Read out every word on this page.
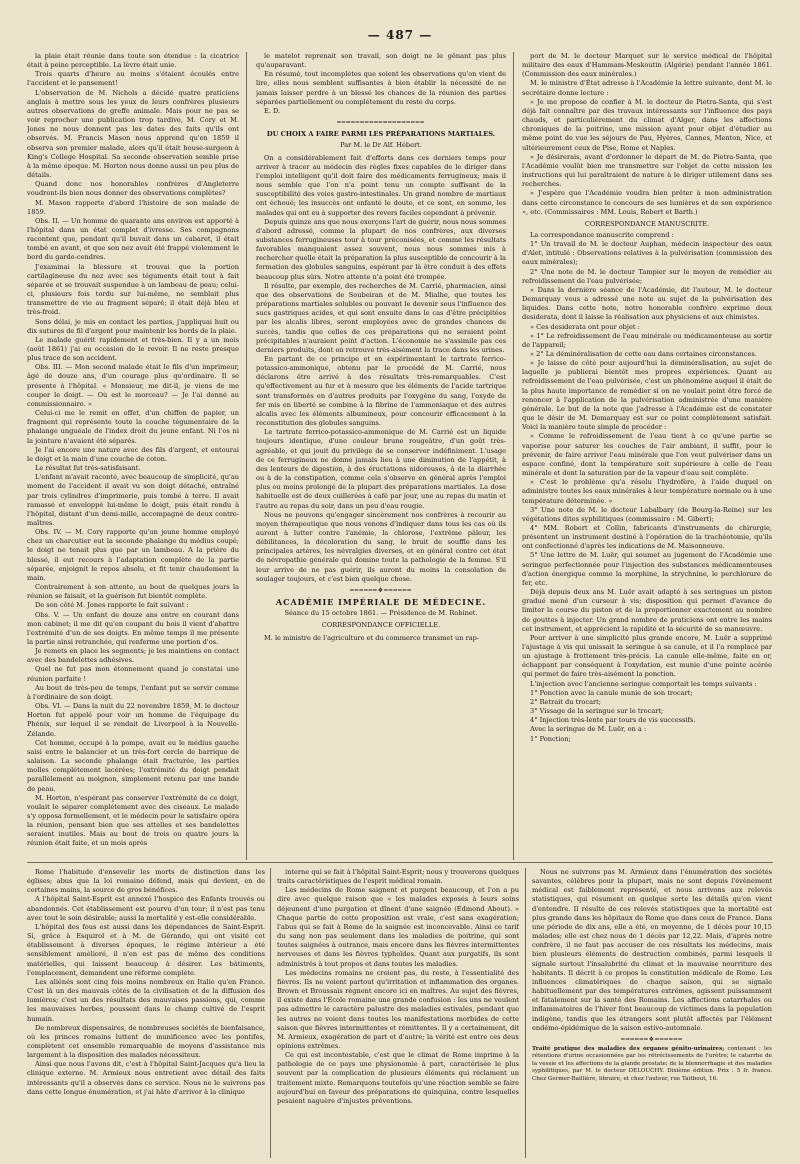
— 487 —

la plaie était réunie dans toute son étendue : la cicatrice était à peine perceptible. La lèvre était unie.

Trois quarts d'heure au moins s'étaient écoulés entre l'accident et le pansement!

L'observation de M. Nichols a décidé quatre praticiens anglais à mettre sous les yeux de leurs confrères plusieurs autres observations de greffe animale. Mais pour ne pas se voir reprocher une publication trop tardive, M. Cory et M. Jones ne nous donnent pas les dates des faits qu'ils ont observés. M. Francis Mason nous apprend qu'en 1859 il observa son premier malade, alors qu'il était house-surgeon à King's College Hospital. Sa seconde observation semble prise à la même époque. M. Horton nous donne aussi un peu plus de détails.

Quand donc nos honorables confrères d'Angleterre voudront-ils bien nous donner des observations complètes?

M. Mason rapporte d'abord l'histoire de son malade de 1859.

Obs. II. — Un homme de quarante ans environ est apporté à l'hôpital dans un état complet d'ivresse. Ses compagnons racontent que, pendant qu'il buvait dans un cabaret, il était tombé en avant, et que son nez avait été frappé violemment le bord du garde-cendres.

J'examinai la blessure et trouvai que la portion cartilagineuse du nez avec ses téguments était tout à fait séparée et se trouvait suspendue à un lambeau de peau; celui-ci, plusieurs fois tordu sur lui-même, ne semblait plus transmettre de vie au fragment séparé; il était déjà bleu et très-froid.

Sons délai, je mis en contact les parties, j'appliquai huit ou dix sutures de fil d'argent pour maintenir les bords de la plaie.

Le malade guérit rapidement et très-bien. Il y a un mois (août 1861) j'ai eu occasion de le revoir. Il ne reste presque plus trace de son accident.

Obs. III. — Mon second malade était le fils d'un imprimeur, âgé de douze ans, d'un courage plus qu'ordinaire. Il se présente à l'hôpital. « Monsieur, me dit-il, je viens de me couper le doigt. — Où est le morceau? — Je l'ai donné au commissionnaire. »

Celui-ci me le remit en effet, d'un chiffon de papier, un fragment qui représente toute la couche tégumentaire de la phalange unguéale de l'index droit du jeune enfant. Ni l'os ni la jointure n'avaient été séparés.

Je l'ai encore une nature avec des fils d'argent, et entourai le doigt et la main d'une couche de coton.

Le résultat fut très-satisfaisant.

L'enfant m'avait raconté, avec beaucoup de simplicité, qu'au moment de l'accident il avait vu son doigt détaché, entraîné par trois cylindres d'imprimerie, puis tombé à terre. Il avait ramassé et enveloppé lui-même le doigt, puis était rendu à l'hôpital, distant d'un demi-mille, accompagné de deux contre-maîtres.

Obs. IV. — M. Cory rapporte qu'un jeune homme employé chez un charcutier eut la seconde phalange du médius coupé; le doigt ne tenait plus que par un lambeau. A la prière du blessé, il eut recours à l'adaptation complète de la partie séparée, enjoignit le repos absolu, et fit tenir chaudement la main.

Contrairement à son attente, au bout de quelques jours la réunion se faisait, et la guérison fut bientôt complète.

De son côté M. Jones rapporte le fait suivant :

Obs. V. — Un enfant de douze ans entre en courant dans mon cabinet; il me dit qu'en coupant du bois il vient d'abattre l'extrémité d'un de ses doigts. En même temps il me présente la partie ainsi retranchée, qui renferme une portion d'os.

Je remets en place les segments; je les maintiens en contact avec des bandelettes adhésives.

Quel ne fut pas mon étonnement quand je constatai une réunion parfaite !

Au bout de très-peu de temps, l'enfant put se servir comme à l'ordinaire de son doigt.

Obs. VI. — Dans la nuit du 22 novembre 1859, M. le docteur Horton fut appelé pour voir un homme de l'équipage du Phénix, sur lequel il se rendait de Liverpool à la Nouvelle-Zélande.

Cet homme, occupé à la pompe, avait eu le médius gauche saisi entre le balancier et un très-fort cercle de barrique de salaison. La seconde phalange était fracturée, les parties molles complétement lacérées; l'extrémité du doigt pendait parallèlement au moignon, simplement retenu par une bande de peau.

M. Horton, n'espérant pas conserver l'extrémité de ce doigt, voulait le séparer complétement avec des ciseaux. Le malade s'y opposa formellement, et le médecin pour le satisfaire opéra la réunion, pensant bien que ses attelles et ses bandelettes seraient inutiles. Mais au bout de trois ou quatre jours la réunion était faite, et un mois après

le matelot reprenait son travail, son doigt ne le gênant pas plus qu'auparavant.

En résumé, tout incomplètes que soient les observations qu'on vient de lire, elles nous semblent suffisantes à bien établir la nécessité de ne jamais laisser perdre à un blessé les chances de la réunion des parties séparées partiellement ou complétement du reste du corps.

E. D.

═══════════════════

DU CHOIX A FAIRE PARMI LES PRÉPARATIONS MARTIALES.

Par M. le Dr Alf. Hébert.

On a considérablement fait d'efforts dans ces derniers temps pour arriver à tracer au médecin des règles fixes capables de le diriger dans l'emploi intelligent qu'il doit faire des médicaments ferrugineux; mais il nous semble que l'on n'a point tenu un compte suffisant de la susceptibilité des voies gastro-intestinales. Un grand nombre de martiaux ont échoué; les insuccès ont enfanté le doute, et ce sont, en somme, les malades qui ont eu à supporter des revers faciles cependant à prévenir.

Depuis quinze ans que nous exerçons l'art de guérir, nous nous sommes d'abord adressé, comme la plupart de nos confrères, aux diverses substances ferrugineuses tour à tour préconisées, et comme les résultats favorables manquaient assez souvent, nous nous sommes mis à rechercher quelle était la préparation la plus susceptible de concourir à la formation des globules sanguins, espérant par là être conduit à des effets beaucoup plus sûrs. Notre attente n'a point été trompée.

Il résulte, par exemple, des recherches de M. Carrié, pharmacien, ainsi que des observations de Soubeiran et de M. Mialhe, que toutes les préparations martiales solubles ou pouvant le devenir sous l'influence des sucs gastriques acides, et qui sont ensuite dans le cas d'être précipitées par les alcalis libres, seront employées avec de grandes chances de succès, tandis que celles de ces préparations qui ne seraient point précipitables n'auraient point d'action. L'économie ne s'assimile pas ces derniers produits, dont on retrouve très-aisément la trace dans les urines.

En partant de ce principe et en expérimentant le tartrate ferrico-potassico-ammonique, obtenu par le procédé de M. Carrié, nous déclarons être arrivé à des résultats très-remarquables. C'est qu'effectivement au fur et à mesure que les éléments de l'acide tartrique sont transformés en d'autres produits par l'oxygène du sang, l'oxyde de fer mis en liberté se combine à la fibrine de l'ammoniaque et des autres alcalis avec les éléments albumineux, pour concourir efficacement à la reconstitution des globules sanguins.

Le tartrate ferrico-potassico-ammonique de M. Carrié est un liquide toujours identique, d'une couleur brune rougeâtre, d'un goût très-agréable, et qui jouit du privilège de se conserver indéfiniment. L'usage de ce ferrugineux ne donne jamais lieu à une diminution de l'appétit, à des lenteurs de digestion, à des éructations nidoreuses, à de la diarrhée ou à de la constipation, comme cela s'observe en général après l'emploi plus ou moins prolongé de la plupart des préparations martiales. La dose habituelle est de deux cuillerées à café par jour, une au repas du matin et l'autre au repas du soir, dans un peu d'eau rougie.

Nous ne pouvons qu'engager sincèrement nos confrères à recourir au moyen thérapeutique que nous venons d'indiquer dans tous les cas où ils auront à lutter contre l'anémie, la chlorose, l'extrême pâleur, les débilitances, la décoloration du sang, le bruit de souffle dans les principales artères, les névralgies diverses, et en général contre cet état de névropathie générale qui domine toute la pathologie de la femme. S'il leur arrive de ne pas guérir, ils auront du moins la consolation de soulager toujours, et c'est bien quelque chose.

══════❖══════

ACADÉMIE IMPÉRIALE DE MÉDECINE.

Séance du 15 octobre 1861. — Présidence de M. Robinet.

CORRESPONDANCE OFFICIELLE.

M. le ministre de l'agriculture et du commerce transmet un rap-

port de M. le docteur Marquet sur le service médical de l'hôpital militaire des eaux d'Hammam-Meskoutin (Algérie) pendant l'année 1861. (Commission des eaux minérales.)

M. le ministre d'État adresse à l'Académie la lettre suivante, dont M. le secrétaire donne lecture :

« Je me propose de confier à M. le docteur de Pietra-Santa, qui s'est déjà fait connaître par des travaux intéressants sur l'influence des pays chauds, et particulièrement du climat d'Alger, dans les affections chroniques de la poitrine, une mission ayant pour objet d'étudier au même point de vue les séjours de Pau, Hyères, Cannes, Menton, Nice, et ultérieurement ceux de Pise, Rome et Naples.

» Je désirerais, avant d'ordonner le départ de M. de Pietra-Santa, que l'Académie voulût bien me transmettre sur l'objet de cette mission les instructions qui lui paraîtraient de nature à le diriger utilement dans ses recherches.

» J'espère que l'Académie voudra bien prêter à mon administration dans cette circonstance le concours de ses lumières et de son expérience », etc. (Commissaires : MM. Louis, Robert et Barth.)

CORRESPONDANCE MANUSCRITE.

La correspondance manuscrite comprend :

1° Un travail de M. le docteur Auphan, médecin inspecteur des eaux d'Alet, intitulé : Observations relatives à la pulvérisation (commission des eaux minérales);

2° Une note de M. le docteur Tampier sur le moyen de remédier au refroidissement de l'eau pulvérisée;

» Dans la dernière séance de l'Académie, dit l'auteur, M. le docteur Demarquay vous a adressé une note au sujet de la pulvérisation des liquides. Dans cette note, notre honorable confrère exprime deux desiderata, dont il laisse la réalisation aux physiciens et aux chimistes.

» Ces desiderata ont pour objet :

» 1° Le refroidissement de l'eau minérale ou médicamenteuse au sortir de l'appareil;

» 2° La déminéralisation de cette eau dans certaines circonstances.

» Je laisse de côté pour aujourd'hui la déminéralisation, au sujet de laquelle je publierai bientôt mes propres expériences. Quant au refroidissement de l'eau pulvérisée, c'est un phénomène auquel il était de la plus haute importance de remédier si on ne voulait point être forcé de renoncer à l'application de la pulvérisation administrée d'une manière générale. Le but de la note que j'adresse à l'Académie est de constater que le désir de M. Demarquay est sur ce point complètement satisfait. Voici la manière toute simple de procéder :

» Comme le refroidissement de l'eau tient à ce qu'une partie se vaporise pour saturer les couches de l'air ambiant, il suffit, pour le prévenir, de faire arriver l'eau minérale que l'on veut pulvériser dans un espace confiné, dont la température soit supérieure à celle de l'eau minérale et dont la saturation par de la vapeur d'eau soit complète.

» C'est le problème qu'a résolu l'hydrofère, à l'aide duquel on administre toutes les eaux minérales à leur température normale ou à une température déterminée. »

3° Une note de M. le docteur Labalbary (de Bourg-la-Reine) sur les végétations dites syphilitiques (commissaire : M. Gibert);

4° MM. Robert et Collin, fabricants d'instruments de chirurgie, présentent un instrument destiné à l'opération de la trachéotomie, qu'ils ont confectionné d'après les indications de M. Maisonneuve.

5° Une lettre de M. Luër, qui soumet au jugement de l'Académie une seringue perfectionnée pour l'injection des substances médicamenteuses d'action énergique comme la morphine, la strychnine, le perchlorure de fer, etc.

Déjà depuis deux ans M. Luër avait adapté à ses seringues un piston gradué mené d'un curseur à vis; disposition qui permet d'avance de limiter la course du piston et de la proportionner exactement au nombre de gouttes à injecter. Un grand nombre de praticiens ont entre les mains cet instrument, et apprécient la rapidité et la sécurité de sa manœuvre.

Pour arriver à une simplicité plus grande encore, M. Luër a supprimé l'ajustage à vis qui unissait la seringue à sa canule, et il l'a remplacé par un ajustage à frottement très-précis. La canule elle-même, faite en or, échappant par conséquent à l'oxydation, est munie d'une pointe acérée qui permet de faire très-aisément la ponction.

L'injection avec l'ancienne seringue comportait les temps suivants :

1° Ponction avec la canule munie de son trocart;

2° Retrait du trocart;

3° Vissage de la seringue sur le trocart;

4° Injection très-lente par tours de vis successifs.

Avec la seringue de M. Luër, on a :

1° Ponction;

Rome l'habitude d'ensevelir les morts de distinction dans les églises; abus que la loi romaine défend, mais qui devient, en de certaines mains, la source de gros bénéfices.

A l'hôpital Saint-Esprit est annexé l'hospice des Enfants trouvés ou abandonnés. Cet établissement est pourvu d'un tour; il n'est pas tenu avec tout le soin désirable; aussi la mortalité y est-elle considérable.

L'hôpital des fous est aussi dans les dépendances de Saint-Esprit. Si, grâce à Esquirol et à M. de Gérando, qui ont visité cet établissement à diverses époques, le régime intérieur a été sensiblement amélioré, il n'en est pas de même des conditions matérielles, qui laissent beaucoup à désirer. Les bâtiments, l'emplacement, demandent une réforme complète.

Les aliénés sont cinq fois moins nombreux en Italie qu'en France. C'est là un des mauvais côtés de la civilisation et de la diffusion des lumières; c'est un des résultats des mauvaises passions, qui, comme les mauvaises herbes, poussent dans le champ cultivé de l'esprit humain.

De nombreux dispensaires, de nombreuses sociétés de bienfaisance, où les princes romains luttent de munificence avec les pontifes, complètent cet ensemble remarquable de moyens d'assistance mis largement à la disposition des malades nécessiteux.

Ainsi que nous l'avons dit, c'est à l'hôpital Saint-Jacques qu'a lieu la clinique externe. M. Armieux nous entretient avec détail des faits intéressants qu'il a observés dans ce service. Nous ne le suivrons pas dans cette longue énumération, et j'ai hâte d'arriver à la clinique

interne qui se fait à l'hôpital Saint-Esprit; nous y trouverons quelques traits caractéristiques de l'esprit médical romain.

Les médecins de Rome saignent et purgent beaucoup, et l'on a pu dire avec quelque raison que « les malades exposés à leurs soins déjeunent d'une purgation et dînent d'une saignée (Edmond About). » Chaque partie de cette proposition est vraie, c'est sans exagération; l'abus qui se fait à Rome de la saignée est inconcevable. Ainsi ce tarif du sang non pas seulement dans les maladies de poitrine, qui sont toutes saignées à outrance, mais encore dans les fièvres intermittentes nerveuses et dans les fièvres typhoïdes. Quant aux purgatifs, ils sont administrés à tout propos et dans toutes les maladies.

Les médecins romains ne croient pas, du reste, à l'essentialité des fièvres. Ils ne voient partout qu'irritation et inflammation des organes. Brown et Broussais règnent encore ici en maîtres. Au sujet des fièvres, il existe dans l'École romaine une grande confusion : les uns ne veulent pas admettre le caractère palustre des maladies estivales, pendant que les autres ne voient dans toutes les manifestations morbides de cette saison que fièvres intermittentes et rémittentes. Il y a certainement, dit M. Armieux, exagération de part et d'autre; la vérité est entre ces deux opinions extrêmes.

Ce qui est incontestable, c'est que le climat de Rome imprime à la pathologie de ce pays une physionomie à part, caractérisée le plus souvent par la complication de plusieurs éléments qui réclament un traitement mixte. Remarquons toutefois qu'une réaction semble se faire aujourd'hui en faveur des préparations de quinquina, contre lesquelles pesaient naguère d'injustes préventions.

Nous ne suivrons pas M. Armieux dans l'énumération des sociétés savantes, célèbres pour la plupart, mais ne sont depuis l'évènement médical est faiblement représenté, et nous arrivons aux relevés statistiques, qui résument en quelque sorte les détails qu'on vient d'entendre. Il résulte de ces relevés statistiques que la mortalité est plus grande dans les hôpitaux de Rome que dans ceux de France. Dans une période de dix ans, elle a été, en moyenne, de 1 décès pour 10,15 malades; elle est chez nous de 1 décès par 12,22. Mais, d'après notre confrère, il ne faut pas accuser de ces résultats les médecins, mais bien plusieurs éléments de destruction combinés, parmi lesquels il signale surtout l'insalubrité du climat et la mauvaise nourriture des habitants. Il décrit à ce propos la constitution médicale de Rome. Les influences climatériques de chaque saison, qui se signale habituellement par des températures extrêmes, agissent puissamment et fatalement sur la santé des Romains. Les affections catarrhales ou inflammatoires de l'hiver font beaucoup de victimes dans la population indigène, tandis que les étrangers sont plutôt affectés par l'élément endémo-épidémique de la saison estivo-automnale.

══════❖══════

Traité pratique des maladies des organes génito-urinaires; contenant : les rétentions d'urine occasionnées par les rétrécissements de l'urètre; le catarrhe de la vessie et les affections de la glande prostate; de la blennorrhagie et des maladies syphilitiques, par M. le docteur DELOUCHY. Dixième édition. Prix : 5 fr. franco. Chez Germer-Baillière, libraire, et chez l'auteur, rue Taitbout, 16.
